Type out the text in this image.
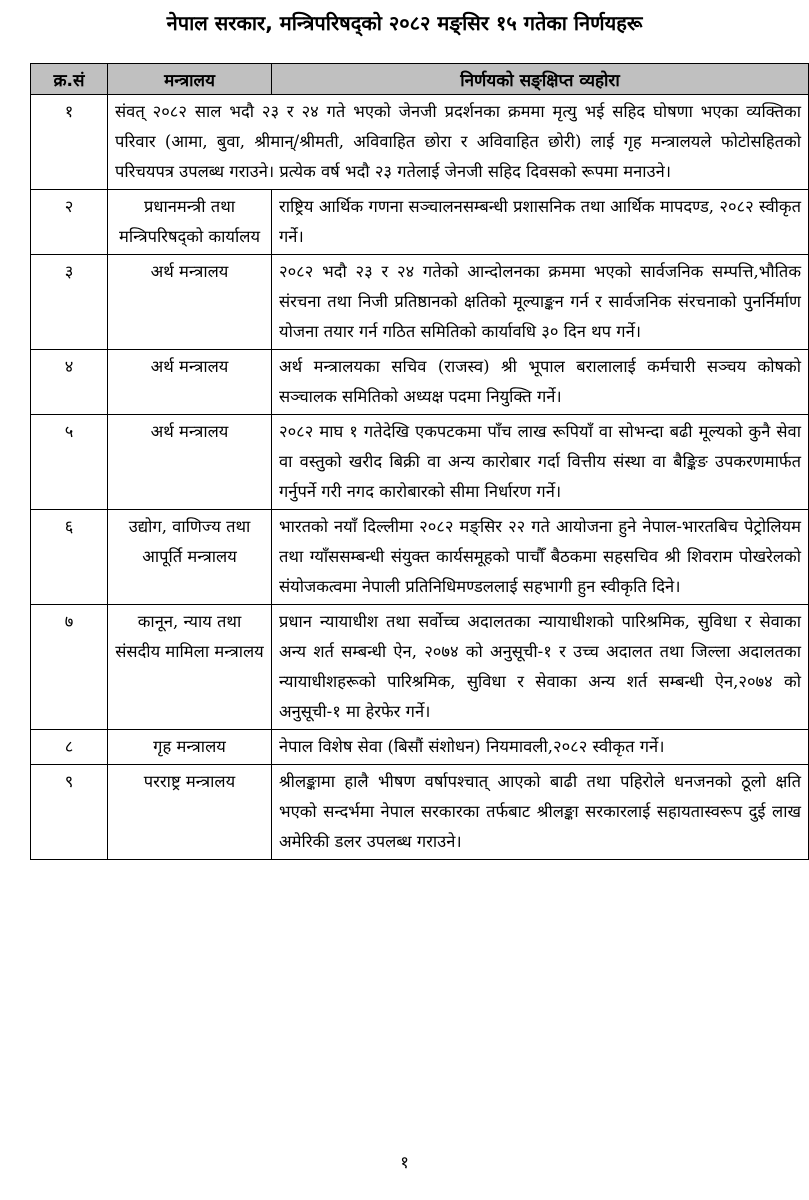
नेपाल सरकार, मन्त्रिपरिषद्को २०८२ मङ्सिर १५ गतेका निर्णयहरू
क्र.सं	मन्त्रालय	निर्णयको सङ्क्षिप्त व्यहोरा
१	संवत् २०८२ साल भदौ २३ र २४ गते भएको जेनजी प्रदर्शनका क्रममा मृत्यु भई सहिद घोषणा भएका व्यक्तिका परिवार (आमा, बुवा, श्रीमान्/श्रीमती, अविवाहित छोरा र अविवाहित छोरी) लाई गृह मन्त्रालयले फोटोसहितको परिचयपत्र उपलब्ध गराउने। प्रत्येक वर्ष भदौ २३ गतेलाई जेनजी सहिद दिवसको रूपमा मनाउने।	
२	प्रधानमन्त्री तथा मन्त्रिपरिषद्को कार्यालय	राष्ट्रिय आर्थिक गणना सञ्चालनसम्बन्धी प्रशासनिक तथा आर्थिक मापदण्ड, २०८२ स्वीकृत गर्ने।
३	अर्थ मन्त्रालय	२०८२ भदौ २३ र २४ गतेको आन्दोलनका क्रममा भएको सार्वजनिक सम्पत्ति,भौतिक संरचना तथा निजी प्रतिष्ठानको क्षतिको मूल्याङ्कन गर्न र सार्वजनिक संरचनाको पुनर्निर्माण योजना तयार गर्न गठित समितिको कार्यावधि ३० दिन थप गर्ने।
४	अर्थ मन्त्रालय	अर्थ मन्त्रालयका सचिव (राजस्व) श्री भूपाल बरालालाई कर्मचारी सञ्चय कोषको सञ्चालक समितिको अध्यक्ष पदमा नियुक्ति गर्ने।
५	अर्थ मन्त्रालय	२०८२ माघ १ गतेदेखि एकपटकमा पाँच लाख रूपियाँ वा सोभन्दा बढी मूल्यको कुनै सेवा वा वस्तुको खरीद बिक्री वा अन्य कारोबार गर्दा वित्तीय संस्था वा बैङ्किङ उपकरणमार्फत गर्नुपर्ने गरी नगद कारोबारको सीमा निर्धारण गर्ने।
६	उद्योग, वाणिज्य तथा आपूर्ति मन्त्रालय	भारतको नयाँ दिल्लीमा २०८२ मङ्सिर २२ गते आयोजना हुने नेपाल-भारतबिच पेट्रोलियम तथा ग्याँससम्बन्धी संयुक्त कार्यसमूहको पाचौँ बैठकमा सहसचिव श्री शिवराम पोखरेलको संयोजकत्वमा नेपाली प्रतिनिधिमण्डललाई सहभागी हुन स्वीकृति दिने।
७	कानून, न्याय तथा संसदीय मामिला मन्त्रालय	प्रधान न्यायाधीश तथा सर्वोच्च अदालतका न्यायाधीशको पारिश्रमिक, सुविधा र सेवाका अन्य शर्त सम्बन्धी ऐन, २०७४ को अनुसूची-१ र उच्च अदालत तथा जिल्ला अदालतका न्यायाधीशहरूको पारिश्रमिक, सुविधा र सेवाका अन्य शर्त सम्बन्धी ऐन,२०७४ को अनुसूची-१ मा हेरफेर गर्ने।
८	गृह मन्त्रालय	नेपाल विशेष सेवा (बिसौं संशोधन) नियमावली,२०८२ स्वीकृत गर्ने।
९	परराष्ट्र मन्त्रालय	श्रीलङ्कामा हालै भीषण वर्षापश्चात् आएको बाढी तथा पहिरोले धनजनको ठूलो क्षति भएको सन्दर्भमा नेपाल सरकारका तर्फबाट श्रीलङ्का सरकारलाई सहायतास्वरूप दुई लाख अमेरिकी डलर उपलब्ध गराउने।
१
